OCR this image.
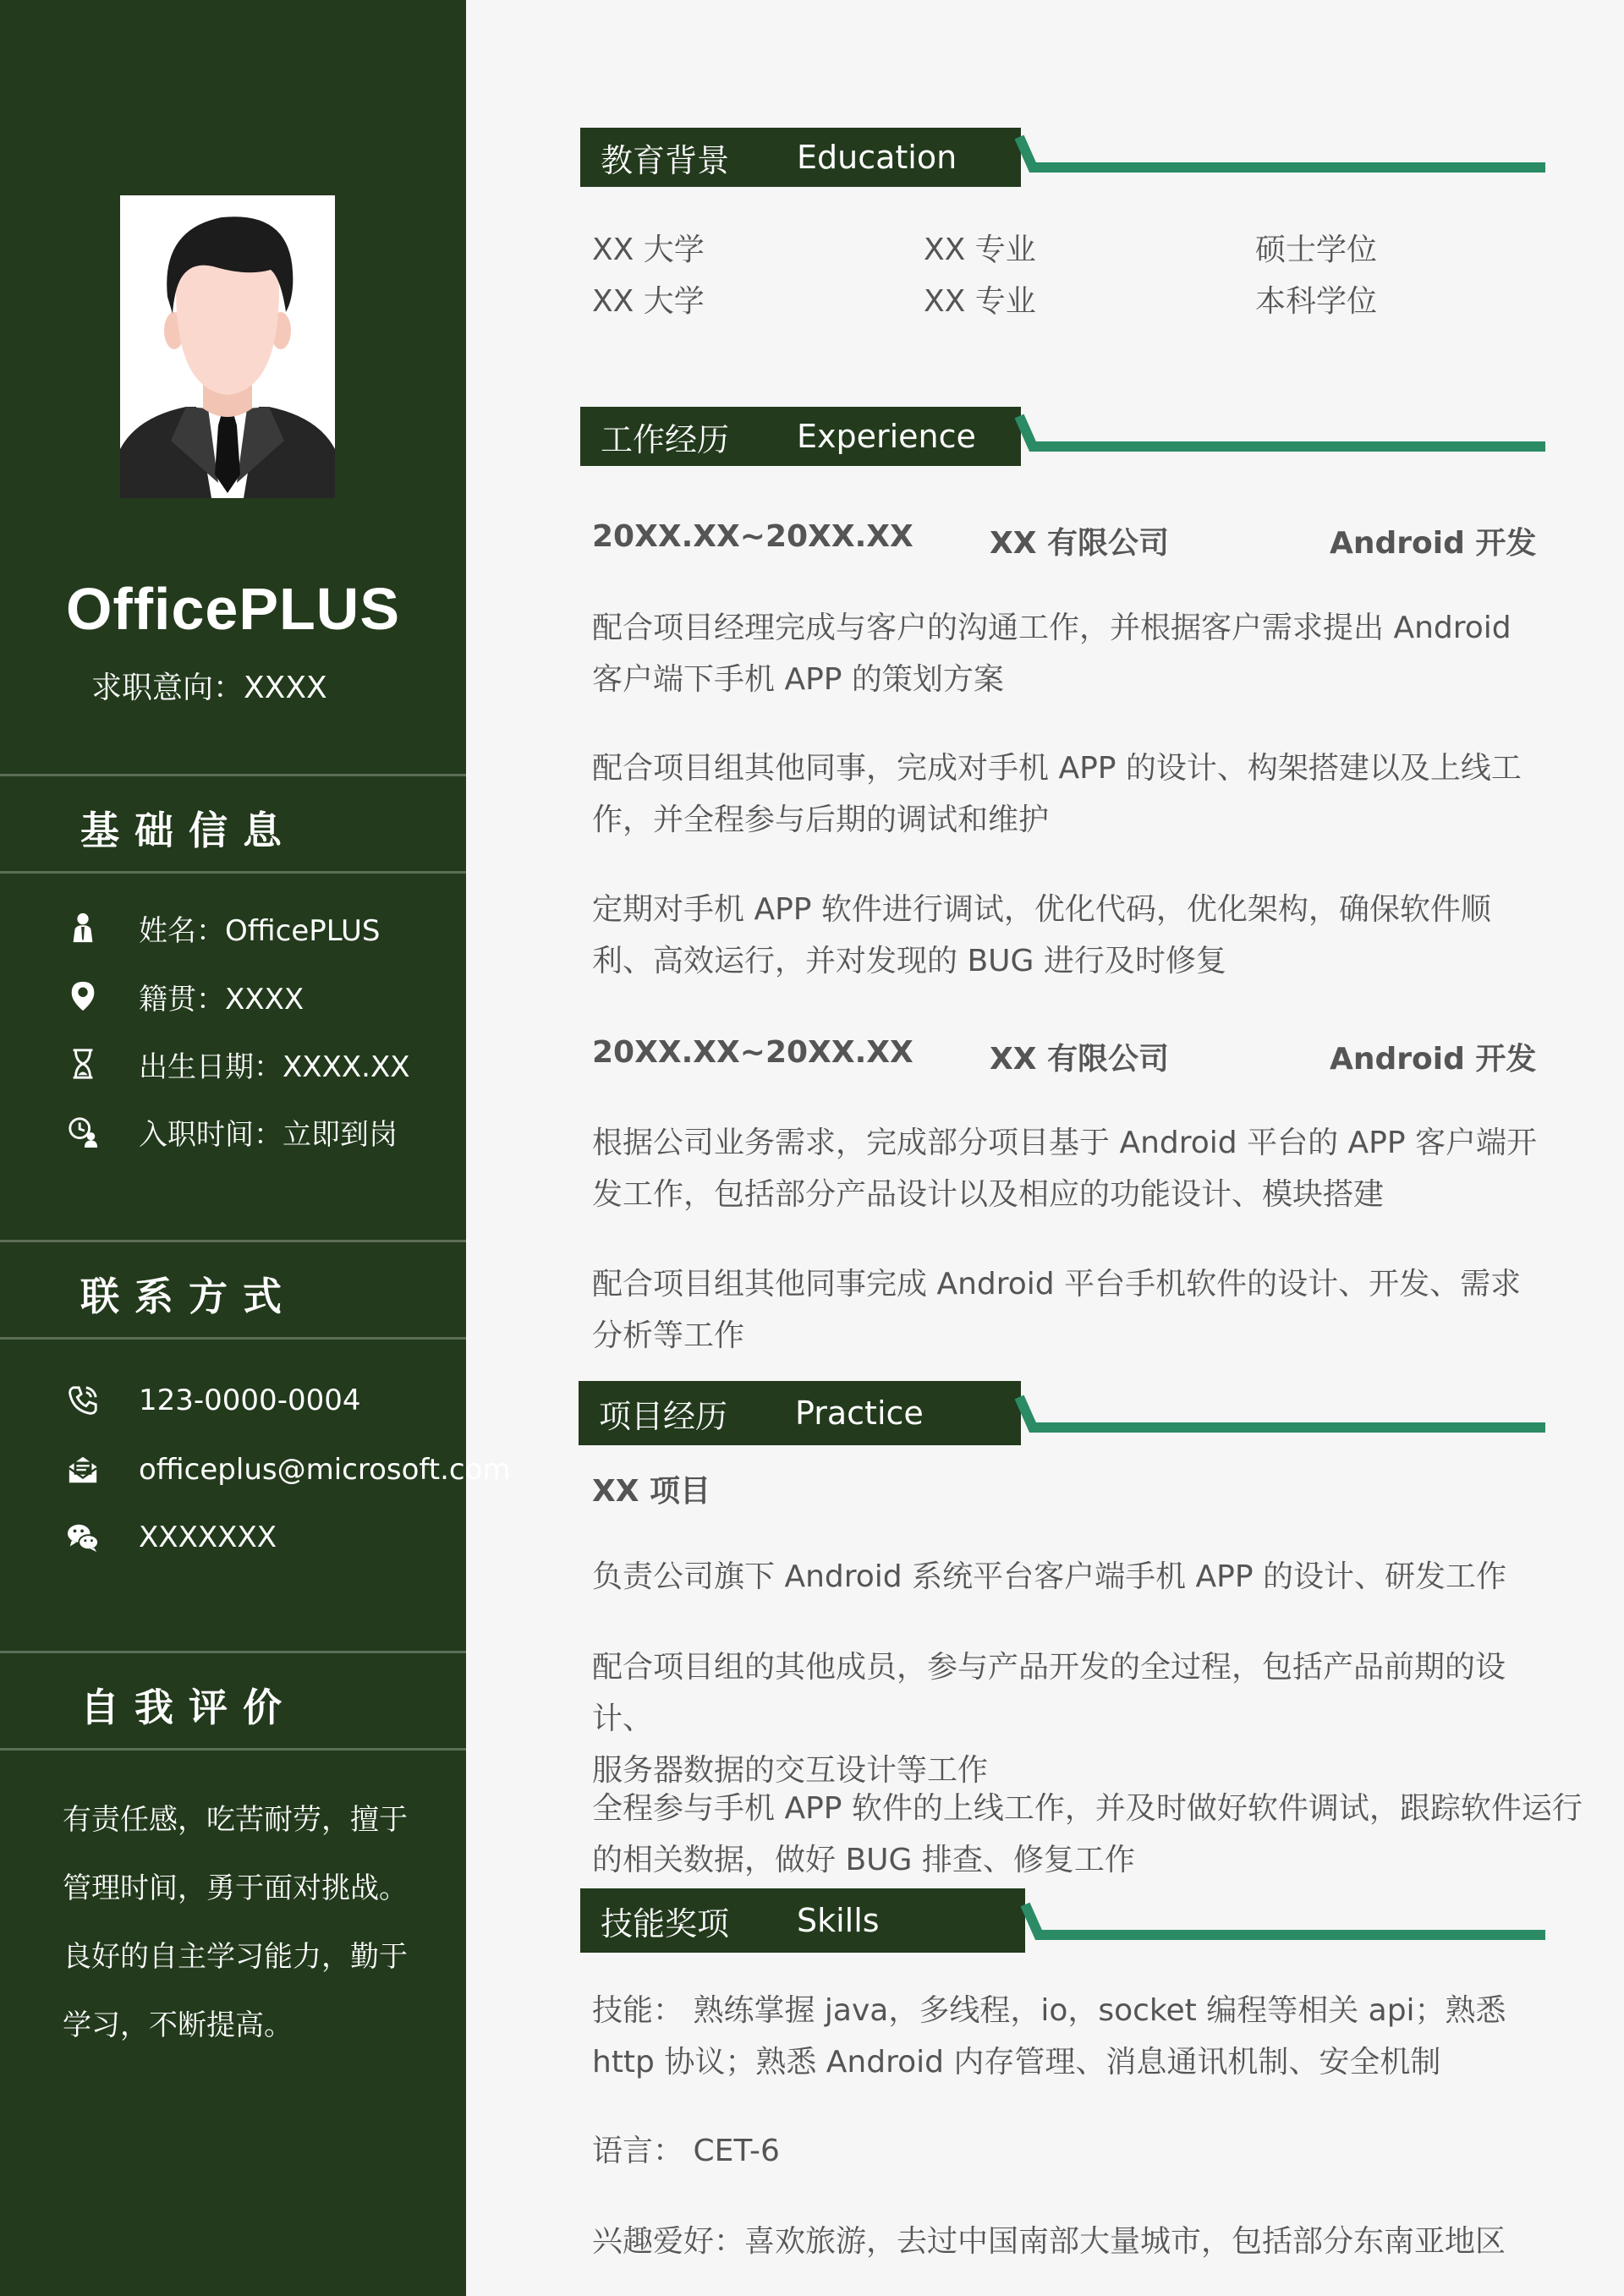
OfficePLUS
求职意向：XXXX
基础信息
姓名：OfficePLUS
籍贯：XXXX
出生日期：XXXX.XX
入职时间：立即到岗
联系方式
123-0000-0004
officeplus@microsoft.com
XXXXXXX
自我评价
有责任感，吃苦耐劳，擅于
管理时间，勇于面对挑战。
良好的自主学习能力，勤于
学习，不断提高。
教育背景 Education
XX 大学	XX 专业	硕士学位
XX 大学	XX 专业	本科学位
工作经历 Experience
20XX.XX~20XX.XX	XX 有限公司	Android 开发
配合项目经理完成与客户的沟通工作，并根据客户需求提出 Android
客户端下手机 APP 的策划方案
配合项目组其他同事，完成对手机 APP 的设计、构架搭建以及上线工
作，并全程参与后期的调试和维护
定期对手机 APP 软件进行调试，优化代码，优化架构，确保软件顺
利、高效运行，并对发现的 BUG 进行及时修复
20XX.XX~20XX.XX	XX 有限公司	Android 开发
根据公司业务需求，完成部分项目基于 Android 平台的 APP 客户端开
发工作，包括部分产品设计以及相应的功能设计、模块搭建
配合项目组其他同事完成 Android 平台手机软件的设计、开发、需求
分析等工作
项目经历 Practice
XX 项目
负责公司旗下 Android 系统平台客户端手机 APP 的设计、研发工作
配合项目组的其他成员，参与产品开发的全过程，包括产品前期的设计、
服务器数据的交互设计等工作
全程参与手机 APP 软件的上线工作，并及时做好软件调试，跟踪软件运行
的相关数据，做好 BUG 排查、修复工作
技能奖项 Skills
技能： 熟练掌握 java，多线程，io，socket 编程等相关 api；熟悉
http 协议；熟悉 Android 内存管理、消息通讯机制、安全机制
语言： CET-6
兴趣爱好：喜欢旅游，去过中国南部大量城市，包括部分东南亚地区
